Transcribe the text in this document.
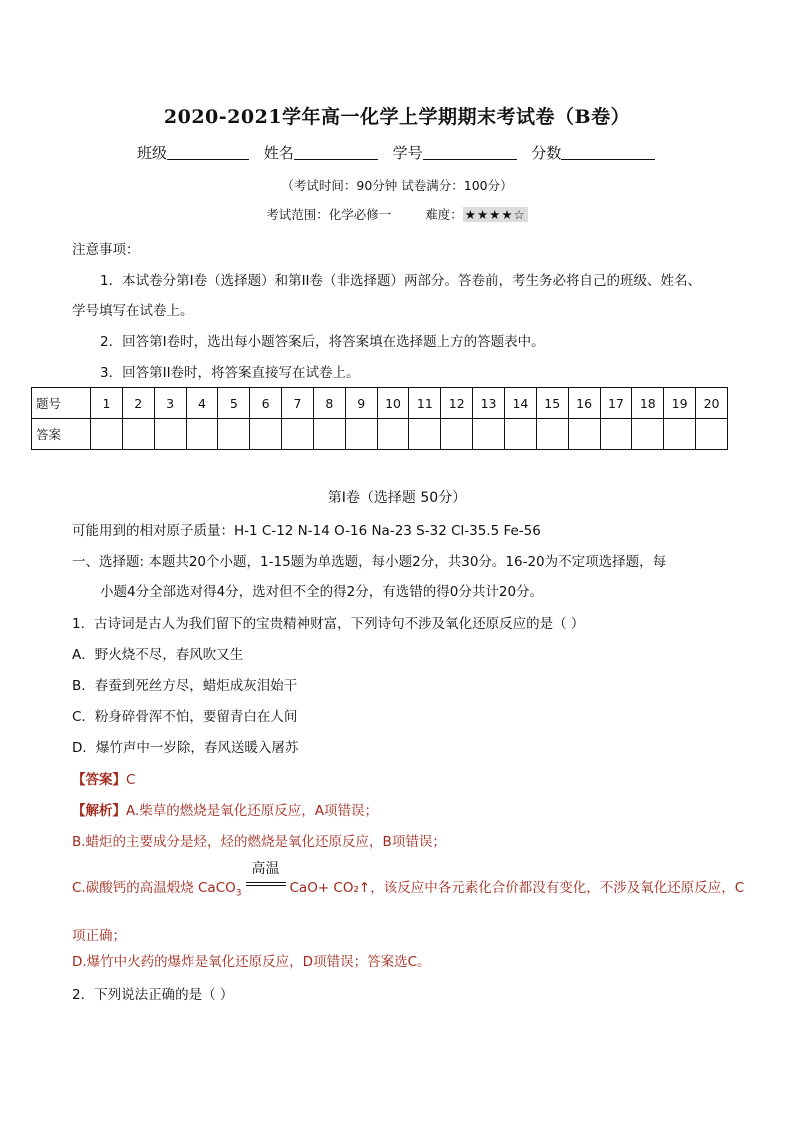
2020-2021学年高一化学上学期期末考试卷（B卷）
班级	姓名	学号	分数
（考试时间：90分钟 试卷满分：100分）
考试范围：化学必修一	难度： ★★★★☆
注意事项：
1．本试卷分第I卷（选择题）和第II卷（非选择题）两部分。答卷前，考生务必将自己的班级、姓名、
学号填写在试卷上。
2．回答第I卷时，选出每小题答案后，将答案填在选择题上方的答题表中。
3．回答第II卷时，将答案直接写在试卷上。
题号	1	2	3	4	5	6	7	8	9	10	11	12	13	14	15	16	17	18	19	20
答案																				
第I卷（选择题 50分）
可能用到的相对原子质量：H-1 C-12 N-14 O-16 Na-23 S-32 Cl-35.5 Fe-56
一、选择题: 本题共20个小题，1-15题为单选题，每小题2分，共30分。16-20为不定项选择题，每
小题4分全部选对得4分，选对但不全的得2分，有选错的得0分共计20分。
1．古诗词是古人为我们留下的宝贵精神财富，下列诗句不涉及氧化还原反应的是（ ）
A．野火烧不尽，春风吹又生
B．春蚕到死丝方尽，蜡炬成灰泪始干
C．粉身碎骨浑不怕，要留青白在人间
D．爆竹声中一岁除，春风送暖入屠苏
【答案】C
【解析】A.柴草的燃烧是氧化还原反应，A项错误；
B.蜡炬的主要成分是烃，烃的燃烧是氧化还原反应，B项错误；
C.碳酸钙的高温煅烧 CaCO$_3$
高温
CaO+ CO₂↑，该反应中各元素化合价都没有变化，不涉及氧化还原反应，C
项正确；
D.爆竹中火药的爆炸是氧化还原反应，D项错误；答案选C。
2．下列说法正确的是（ ）
